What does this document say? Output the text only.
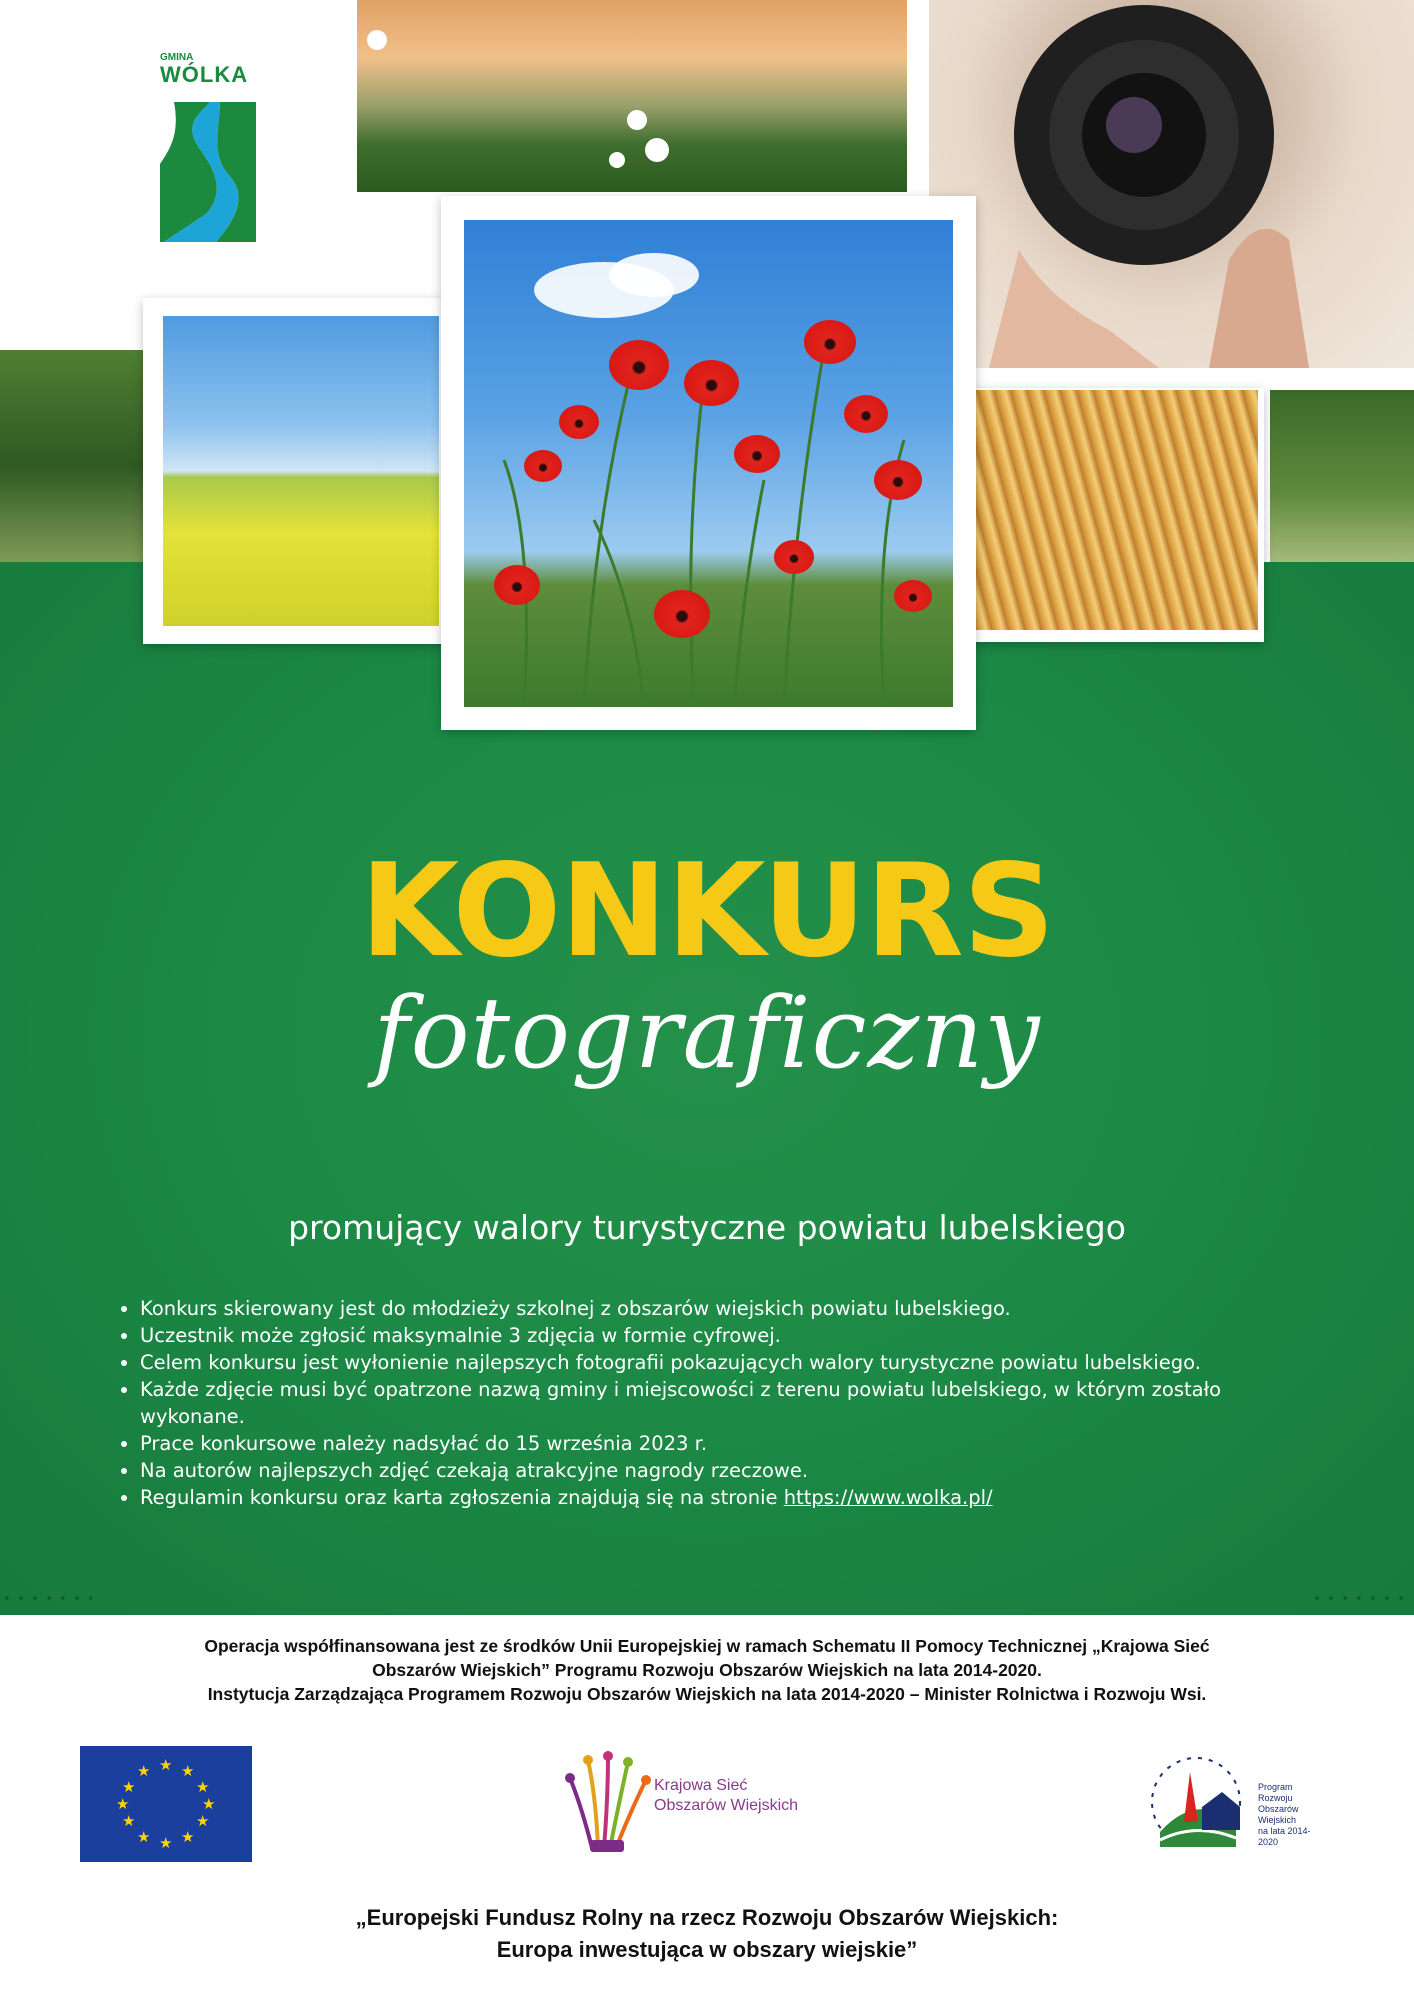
GMINA
WÓLKA
KONKURS
fotograficzny
promujący walory turystyczne powiatu lubelskiego
• Konkurs skierowany jest do młodzieży szkolnej z obszarów wiejskich powiatu lubelskiego.
• Uczestnik może zgłosić maksymalnie 3 zdjęcia w formie cyfrowej.
• Celem konkursu jest wyłonienie najlepszych fotografii pokazujących walory turystyczne powiatu lubelskiego.
• Każde zdjęcie musi być opatrzone nazwą gminy i miejscowości z terenu powiatu lubelskiego, w którym zostało wykonane.
• Prace konkursowe należy nadsyłać do 15 września 2023 r.
• Na autorów najlepszych zdjęć czekają atrakcyjne nagrody rzeczowe.
• Regulamin konkursu oraz karta zgłoszenia znajdują się na stronie https://www.wolka.pl/
Operacja współfinansowana jest ze środków Unii Europejskiej w ramach Schematu II Pomocy Technicznej „Krajowa Sieć
Obszarów Wiejskich” Programu Rozwoju Obszarów Wiejskich na lata 2014-2020.
Instytucja Zarządzająca Programem Rozwoju Obszarów Wiejskich na lata 2014-2020 – Minister Rolnictwa i Rozwoju Wsi.
★ ★
★
★
★
★
★
★
★
★
★
★
Krajowa Sieć
Obszarów Wiejskich
Program
Rozwoju
Obszarów
Wiejskich
na lata 2014-2020
„Europejski Fundusz Rolny na rzecz Rozwoju Obszarów Wiejskich:
Europa inwestująca w obszary wiejskie”
